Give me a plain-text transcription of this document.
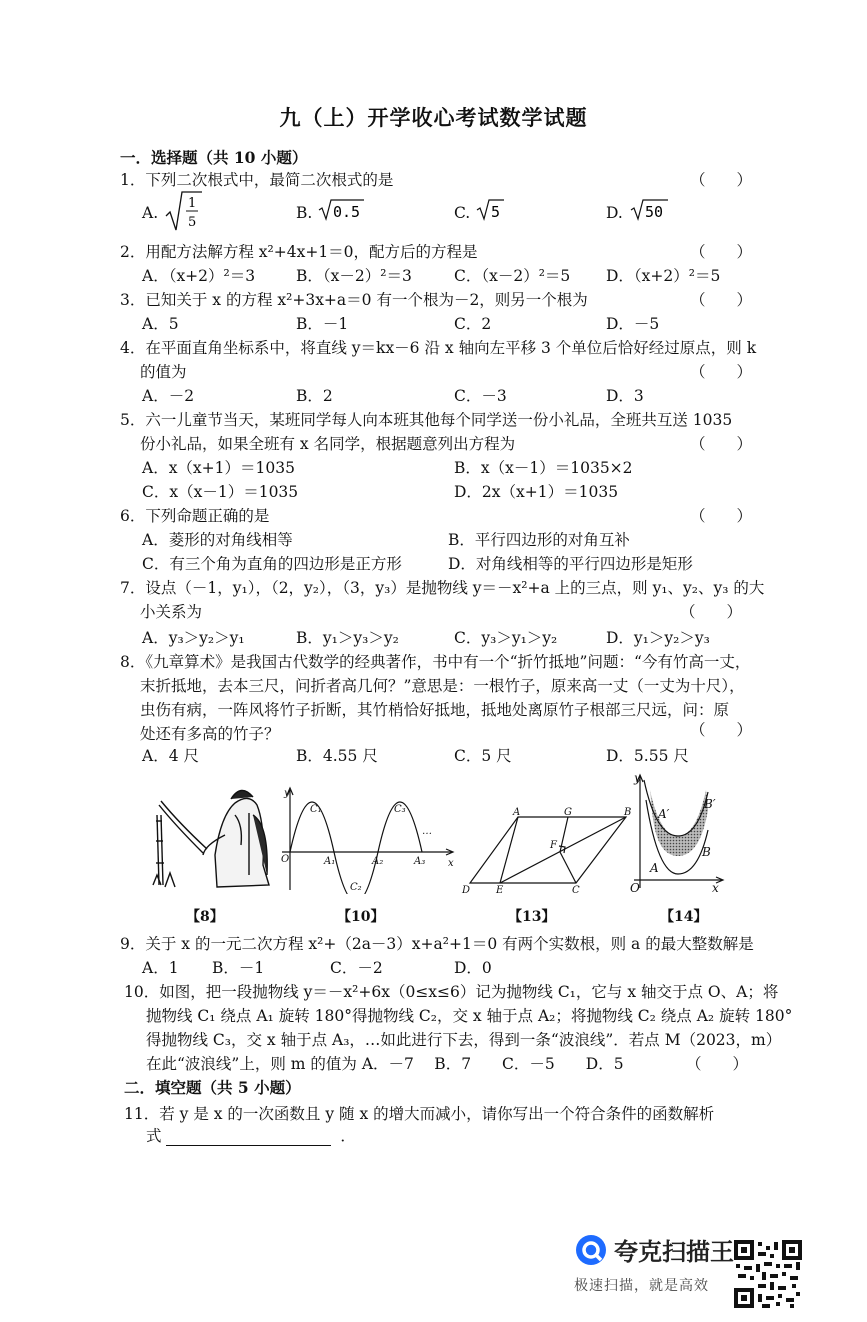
九（上）开学收心考试数学试题
一．选择题（共 10 小题）
1．下列二次根式中，最简二次根式的是	（　　）
A.
1
5
B. 0.5	C. 5	D. 50
2．用配方法解方程 x²+4x+1＝0，配方后的方程是	（　　）
A．（x+2）²＝3	B．（x－2）²＝3	C．（x－2）²＝5 D．（x+2）²＝5
3．已知关于 x 的方程 x²+3x+a＝0 有一个根为－2，则另一个根为	（　　）
A．5	B．－1	C．2	D．－5
4．在平面直角坐标系中，将直线 y＝kx－6 沿 x 轴向左平移 3 个单位后恰好经过原点，则 k
的值为	（　　）
A．－2	B．2	C．－3	D．3
5．六一儿童节当天，某班同学每人向本班其他每个同学送一份小礼品，全班共互送 1035
份小礼品，如果全班有 x 名同学，根据题意列出方程为	（　　）
A．x（x+1）＝1035	B．x（x－1）＝1035×2
C．x（x－1）＝1035	D．2x（x+1）＝1035
6．下列命题正确的是	（　　）
A．菱形的对角线相等	B．平行四边形的对角互补
C．有三个角为直角的四边形是正方形	D．对角线相等的平行四边形是矩形
7．设点（－1，y₁），（2，y₂），（3，y₃）是抛物线 y＝－x²+a 上的三点，则 y₁、y₂、y₃ 的大
小关系为	（　　）
A．y₃＞y₂＞y₁	B．y₁＞y₃＞y₂	C．y₃＞y₁＞y₂	D．y₁＞y₂＞y₃
8．《九章算术》是我国古代数学的经典著作，书中有一个“折竹抵地”问题：“今有竹高一丈，
末折抵地，去本三尺，问折者高几何？”意思是：一根竹子，原来高一丈（一丈为十尺），
虫伤有病，一阵风将竹子折断，其竹梢恰好抵地，抵地处离原竹子根部三尺远，问：原
处还有多高的竹子？	（　　）
A．4 尺	B．4.55 尺	C．5 尺	D．5.55 尺
y
x
O
C₁
C₂
C₃
A₁	A₂	A₃
…
A	G	B
F
D	E	C
y
x
O
A
A′
B
B′
【8】	【10】	【13】	【14】
9．关于 x 的一元二次方程 x²+（2a－3）x+a²+1＝0 有两个实数根，则 a 的最大整数解是
A．1 B．－1	C．－2	D．0
10．如图，把一段抛物线 y＝－x²+6x（0≤x≤6）记为抛物线 C₁，它与 x 轴交于点 O、A；将
抛物线 C₁ 绕点 A₁ 旋转 180°得抛物线 C₂，交 x 轴于点 A₂；将抛物线 C₂ 绕点 A₂ 旋转 180°
得抛物线 C₃，交 x 轴于点 A₃，…如此进行下去，得到一条“波浪线”．若点 M（2023，m）
在此“波浪线”上，则 m 的值为 A．－7　 B．7　　C．－5　　D．5	（　　）
二．填空题（共 5 小题）
11．若 y 是 x 的一次函数且 y 随 x 的增大而减小，请你写出一个符合条件的函数解析
式	．
夸克扫描王
极速扫描，就是高效
